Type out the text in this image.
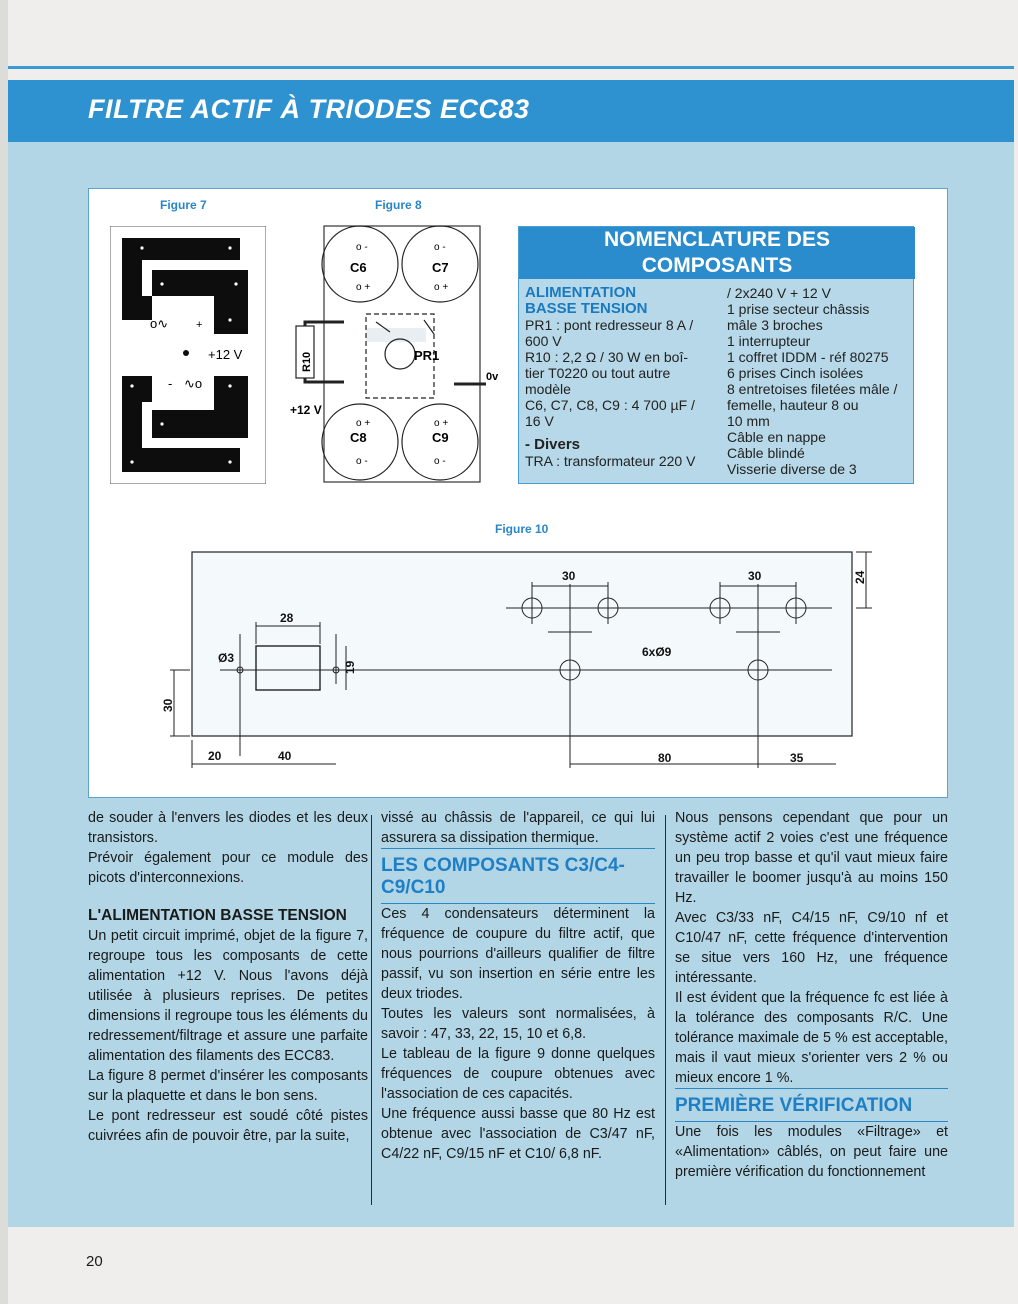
FILTRE ACTIF À TRIODES ECC83
Figure 7	Figure 8
Figure 10
o∿	+
+12 V
- ∿o
C6	C7
C8	C9
o -	o -
o +	o +
o +	o +
o -	o -
PR1
R10
0v
+12 V
NOMENCLATURE DES
COMPOSANTS

ALIMENTATION

BASSE TENSION

PR1 : pont redresseur 8 A /

600 V

R10 : 2,2 Ω / 30 W en boî-

tier T0220 ou tout autre

modèle

C6, C7, C8, C9 : 4 700 µF /

16 V

- Divers

TRA : transformateur 220 V

/ 2x240 V + 12 V

1 prise secteur châssis

mâle 3 broches

1 interrupteur

1 coffret IDDM - réf 80275

6 prises Cinch isolées

8 entretoises filetées mâle /

femelle, hauteur 8 ou

10 mm

Câble en nappe

Câble blindé

Visserie diverse de 3

30	30	24
28
Ø3
19
6xØ9
30
20	40	80	35

de souder à l'envers les diodes et les deux transistors.

Prévoir également pour ce module des picots d'interconnexions.

L'ALIMENTATION BASSE TENSION

Un petit circuit imprimé, objet de la figure 7, regroupe tous les composants de cette alimentation +12 V. Nous l'avons déjà utilisée à plusieurs reprises. De petites dimensions il regroupe tous les éléments du redressement/filtrage et assure une parfaite alimentation des filaments des ECC83.

La figure 8 permet d'insérer les composants sur la plaquette et dans le bon sens.

Le pont redresseur est soudé côté pistes cuivrées afin de pouvoir être, par la suite,

vissé au châssis de l'appareil, ce qui lui assurera sa dissipation thermique.

LES COMPOSANTS C3/C4-C9/C10

Ces 4 condensateurs déterminent la fréquence de coupure du filtre actif, que nous pourrions d'ailleurs qualifier de filtre passif, vu son insertion en série entre les deux triodes.

Toutes les valeurs sont normalisées, à savoir : 47, 33, 22, 15, 10 et 6,8.

Le tableau de la figure 9 donne quelques fréquences de coupure obtenues avec l'association de ces capacités.

Une fréquence aussi basse que 80 Hz est obtenue avec l'association de C3/47 nF, C4/22 nF, C9/15 nF et C10/ 6,8 nF.

Nous pensons cependant que pour un système actif 2 voies c'est une fréquence un peu trop basse et qu'il vaut mieux faire travailler le boomer jusqu'à au moins 150 Hz.

Avec C3/33 nF, C4/15 nF, C9/10 nf et C10/47 nF, cette fréquence d'intervention se situe vers 160 Hz, une fréquence intéressante.

Il est évident que la fréquence fc est liée à la tolérance des composants R/C. Une tolérance maximale de 5 % est acceptable, mais il vaut mieux s'orienter vers 2 % ou mieux encore 1 %.

PREMIÈRE VÉRIFICATION

Une fois les modules «Filtrage» et «Alimentation» câblés, on peut faire une première vérification du fonctionnement

20
